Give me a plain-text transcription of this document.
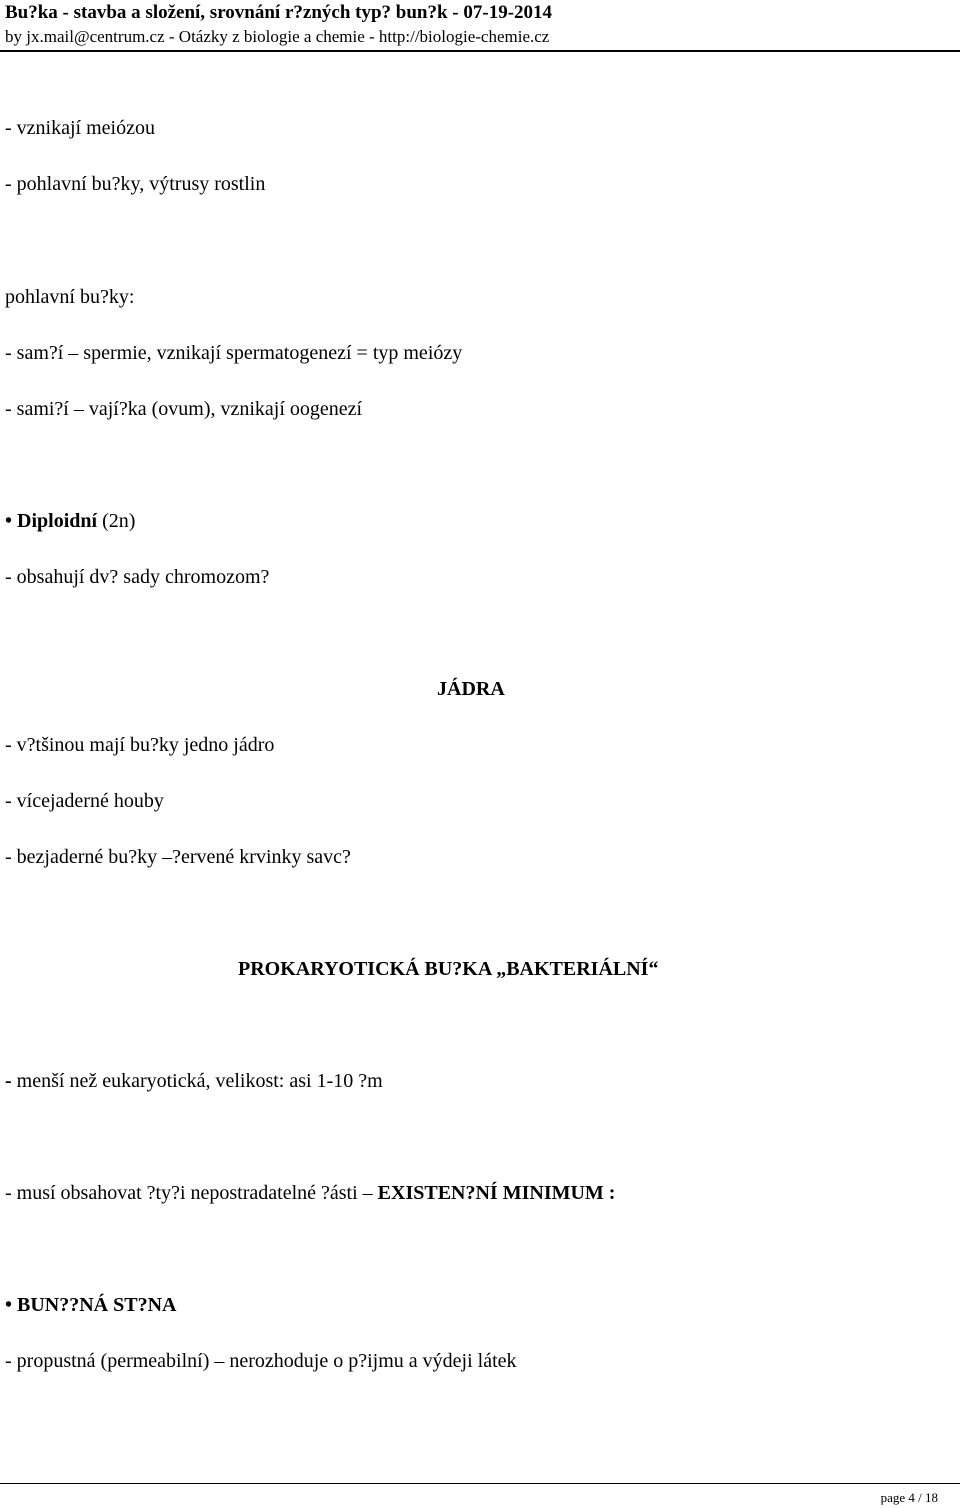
Bu?ka - stavba a složení, srovnání r?zných typ? bun?k - 07-19-2014
by jx.mail@centrum.cz - Otázky z biologie a chemie - http://biologie-chemie.cz
- vznikají meiózou
- pohlavní bu?ky, výtrusy rostlin
pohlavní bu?ky:
- sam?í – spermie, vznikají spermatogenezí = typ meiózy
- sami?í – vají?ka (ovum), vznikají oogenezí
• Diploidní (2n)
- obsahují dv? sady chromozom?
JÁDRA
- v?tšinou mají bu?ky jedno jádro
- vícejaderné houby
- bezjaderné bu?ky –?ervené krvinky savc?
PROKARYOTICKÁ BU?KA „BAKTERIÁLNÍ“
- menší než eukaryotická, velikost: asi 1-10 ?m
- musí obsahovat ?ty?i nepostradatelné ?ásti – EXISTEN?NÍ MINIMUM :
• BUN??NÁ ST?NA
- propustná (permeabilní) – nerozhoduje o p?ijmu a výdeji látek
page 4 / 18
